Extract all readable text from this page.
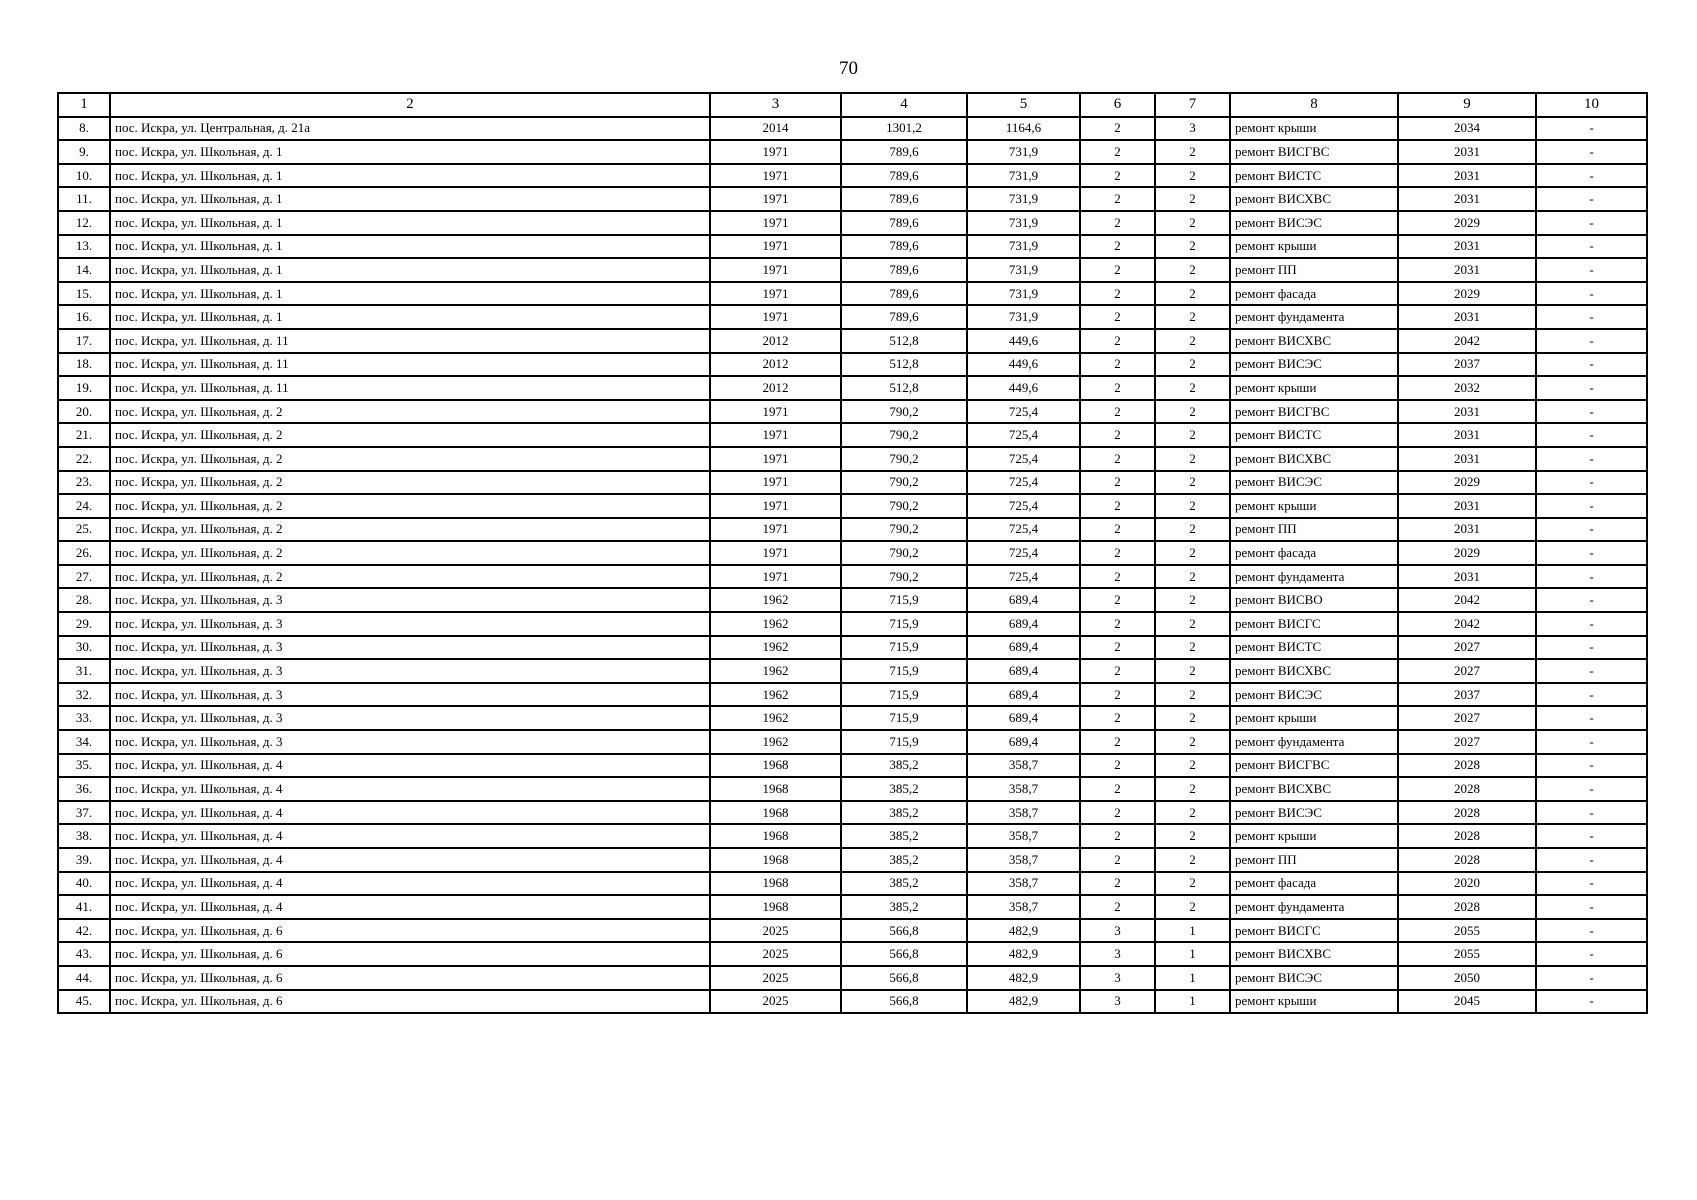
70
1	2	3	4	5	6	7	8	9	10
8.	пос. Искра, ул. Центральная, д. 21а	2014	1301,2	1164,6	2	3	ремонт крыши	2034	-
9.	пос. Искра, ул. Школьная, д. 1	1971	789,6	731,9	2	2	ремонт ВИСГВС	2031	-
10.	пос. Искра, ул. Школьная, д. 1	1971	789,6	731,9	2	2	ремонт ВИСТС	2031	-
11.	пос. Искра, ул. Школьная, д. 1	1971	789,6	731,9	2	2	ремонт ВИСХВС	2031	-
12.	пос. Искра, ул. Школьная, д. 1	1971	789,6	731,9	2	2	ремонт ВИСЭС	2029	-
13.	пос. Искра, ул. Школьная, д. 1	1971	789,6	731,9	2	2	ремонт крыши	2031	-
14.	пос. Искра, ул. Школьная, д. 1	1971	789,6	731,9	2	2	ремонт ПП	2031	-
15.	пос. Искра, ул. Школьная, д. 1	1971	789,6	731,9	2	2	ремонт фасада	2029	-
16.	пос. Искра, ул. Школьная, д. 1	1971	789,6	731,9	2	2	ремонт фундамента	2031	-
17.	пос. Искра, ул. Школьная, д. 11	2012	512,8	449,6	2	2	ремонт ВИСХВС	2042	-
18.	пос. Искра, ул. Школьная, д. 11	2012	512,8	449,6	2	2	ремонт ВИСЭС	2037	-
19.	пос. Искра, ул. Школьная, д. 11	2012	512,8	449,6	2	2	ремонт крыши	2032	-
20.	пос. Искра, ул. Школьная, д. 2	1971	790,2	725,4	2	2	ремонт ВИСГВС	2031	-
21.	пос. Искра, ул. Школьная, д. 2	1971	790,2	725,4	2	2	ремонт ВИСТС	2031	-
22.	пос. Искра, ул. Школьная, д. 2	1971	790,2	725,4	2	2	ремонт ВИСХВС	2031	-
23.	пос. Искра, ул. Школьная, д. 2	1971	790,2	725,4	2	2	ремонт ВИСЭС	2029	-
24.	пос. Искра, ул. Школьная, д. 2	1971	790,2	725,4	2	2	ремонт крыши	2031	-
25.	пос. Искра, ул. Школьная, д. 2	1971	790,2	725,4	2	2	ремонт ПП	2031	-
26.	пос. Искра, ул. Школьная, д. 2	1971	790,2	725,4	2	2	ремонт фасада	2029	-
27.	пос. Искра, ул. Школьная, д. 2	1971	790,2	725,4	2	2	ремонт фундамента	2031	-
28.	пос. Искра, ул. Школьная, д. 3	1962	715,9	689,4	2	2	ремонт ВИСВО	2042	-
29.	пос. Искра, ул. Школьная, д. 3	1962	715,9	689,4	2	2	ремонт ВИСГС	2042	-
30.	пос. Искра, ул. Школьная, д. 3	1962	715,9	689,4	2	2	ремонт ВИСТС	2027	-
31.	пос. Искра, ул. Школьная, д. 3	1962	715,9	689,4	2	2	ремонт ВИСХВС	2027	-
32.	пос. Искра, ул. Школьная, д. 3	1962	715,9	689,4	2	2	ремонт ВИСЭС	2037	-
33.	пос. Искра, ул. Школьная, д. 3	1962	715,9	689,4	2	2	ремонт крыши	2027	-
34.	пос. Искра, ул. Школьная, д. 3	1962	715,9	689,4	2	2	ремонт фундамента	2027	-
35.	пос. Искра, ул. Школьная, д. 4	1968	385,2	358,7	2	2	ремонт ВИСГВС	2028	-
36.	пос. Искра, ул. Школьная, д. 4	1968	385,2	358,7	2	2	ремонт ВИСХВС	2028	-
37.	пос. Искра, ул. Школьная, д. 4	1968	385,2	358,7	2	2	ремонт ВИСЭС	2028	-
38.	пос. Искра, ул. Школьная, д. 4	1968	385,2	358,7	2	2	ремонт крыши	2028	-
39.	пос. Искра, ул. Школьная, д. 4	1968	385,2	358,7	2	2	ремонт ПП	2028	-
40.	пос. Искра, ул. Школьная, д. 4	1968	385,2	358,7	2	2	ремонт фасада	2020	-
41.	пос. Искра, ул. Школьная, д. 4	1968	385,2	358,7	2	2	ремонт фундамента	2028	-
42.	пос. Искра, ул. Школьная, д. 6	2025	566,8	482,9	3	1	ремонт ВИСГС	2055	-
43.	пос. Искра, ул. Школьная, д. 6	2025	566,8	482,9	3	1	ремонт ВИСХВС	2055	-
44.	пос. Искра, ул. Школьная, д. 6	2025	566,8	482,9	3	1	ремонт ВИСЭС	2050	-
45.	пос. Искра, ул. Школьная, д. 6	2025	566,8	482,9	3	1	ремонт крыши	2045	-
